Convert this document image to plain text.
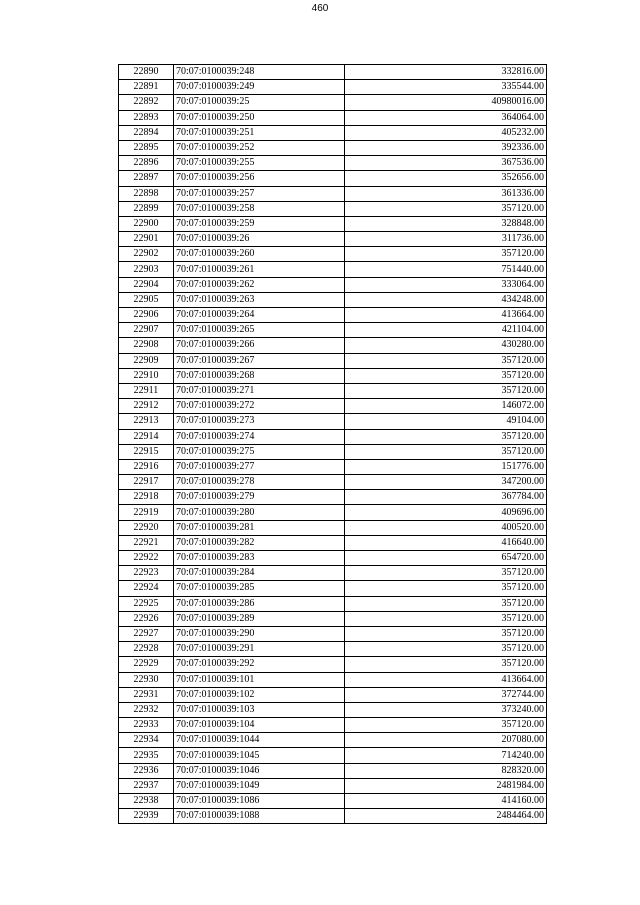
460
22890	70:07:0100039:248	332816.00
22891	70:07:0100039:249	335544.00
22892	70:07:0100039:25	40980016.00
22893	70:07:0100039:250	364064.00
22894	70:07:0100039:251	405232.00
22895	70:07:0100039:252	392336.00
22896	70:07:0100039:255	367536.00
22897	70:07:0100039:256	352656.00
22898	70:07:0100039:257	361336.00
22899	70:07:0100039:258	357120.00
22900	70:07:0100039:259	328848.00
22901	70:07:0100039:26	311736.00
22902	70:07:0100039:260	357120.00
22903	70:07:0100039:261	751440.00
22904	70:07:0100039:262	333064.00
22905	70:07:0100039:263	434248.00
22906	70:07:0100039:264	413664.00
22907	70:07:0100039:265	421104.00
22908	70:07:0100039:266	430280.00
22909	70:07:0100039:267	357120.00
22910	70:07:0100039:268	357120.00
22911	70:07:0100039:271	357120.00
22912	70:07:0100039:272	146072.00
22913	70:07:0100039:273	49104.00
22914	70:07:0100039:274	357120.00
22915	70:07:0100039:275	357120.00
22916	70:07:0100039:277	151776.00
22917	70:07:0100039:278	347200.00
22918	70:07:0100039:279	367784.00
22919	70:07:0100039:280	409696.00
22920	70:07:0100039:281	400520.00
22921	70:07:0100039:282	416640.00
22922	70:07:0100039:283	654720.00
22923	70:07:0100039:284	357120.00
22924	70:07:0100039:285	357120.00
22925	70:07:0100039:286	357120.00
22926	70:07:0100039:289	357120.00
22927	70:07:0100039:290	357120.00
22928	70:07:0100039:291	357120.00
22929	70:07:0100039:292	357120.00
22930	70:07:0100039:101	413664.00
22931	70:07:0100039:102	372744.00
22932	70:07:0100039:103	373240.00
22933	70:07:0100039:104	357120.00
22934	70:07:0100039:1044	207080.00
22935	70:07:0100039:1045	714240.00
22936	70:07:0100039:1046	828320.00
22937	70:07:0100039:1049	2481984.00
22938	70:07:0100039:1086	414160.00
22939	70:07:0100039:1088	2484464.00
